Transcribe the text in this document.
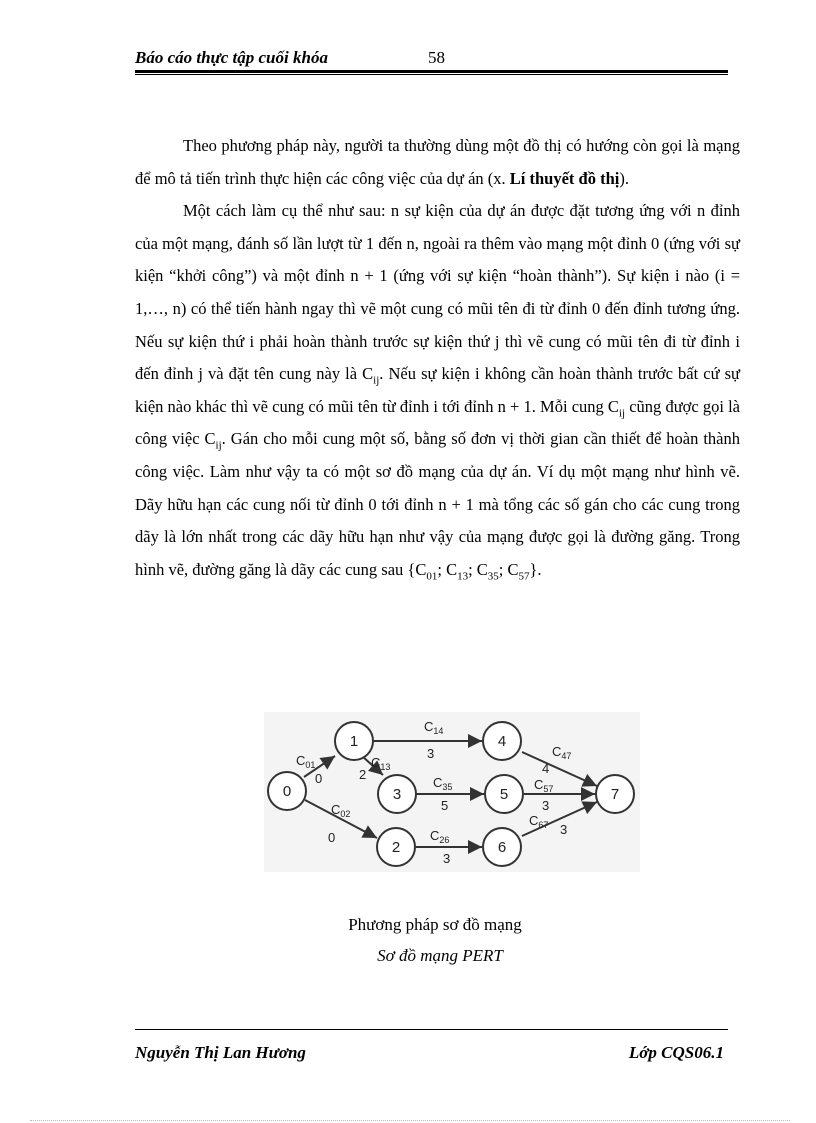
Báo cáo thực tập cuối khóa	58

Theo phương pháp này, người ta thường dùng một đồ thị có hướng còn gọi là mạng để mô tả tiến trình thực hiện các công việc của dự án (x. Lí thuyết đồ thị).

Một cách làm cụ thể như sau: n sự kiện của dự án được đặt tương ứng với n đỉnh của một mạng, đánh số lần lượt từ 1 đến n, ngoài ra thêm vào mạng một đỉnh 0 (ứng với sự kiện “khởi công”) và một đỉnh n + 1 (ứng với sự kiện “hoàn thành”). Sự kiện i nào (i = 1,…, n) có thể tiến hành ngay thì vẽ một cung có mũi tên đi từ đỉnh 0 đến đỉnh tương ứng. Nếu sự kiện thứ i phải hoàn thành trước sự kiện thứ j thì vẽ cung có mũi tên đi từ đỉnh i đến đỉnh j và đặt tên cung này là $C_{ij}$. Nếu sự kiện i không cần hoàn thành trước bất cứ sự kiện nào khác thì vẽ cung có mũi tên từ đỉnh i tới đỉnh n + 1. Mỗi cung $C_{ij}$ cũng được gọi là công việc $C_{ij}$. Gán cho mỗi cung một số, bằng số đơn vị thời gian cần thiết để hoàn thành công việc. Làm như vậy ta có một sơ đồ mạng của dự án. Ví dụ một mạng như hình vẽ. Dãy hữu hạn các cung nối từ đỉnh 0 tới đỉnh n + 1 mà tổng các số gán cho các cung trong dãy là lớn nhất trong các dãy hữu hạn như vậy của mạng được gọi là đường găng. Trong hình vẽ, đường găng là dãy các cung sau {$C_{01}$; $C_{13}$; $C_{35}$; $C_{57}$}.

$C_{01}$
0
$C_{02}$
0
$C_{13}$
2
$C_{14}$
3
$C_{35}$
5
$C_{26}$
3
$C_{47}$
4
$C_{57}$
3
$C_{67}$ 3
0
1
2
3
4
5
6
7
Phương pháp sơ đồ mạng
Sơ đồ mạng PERT
Nguyễn Thị Lan Hương	Lớp CQS06.1
